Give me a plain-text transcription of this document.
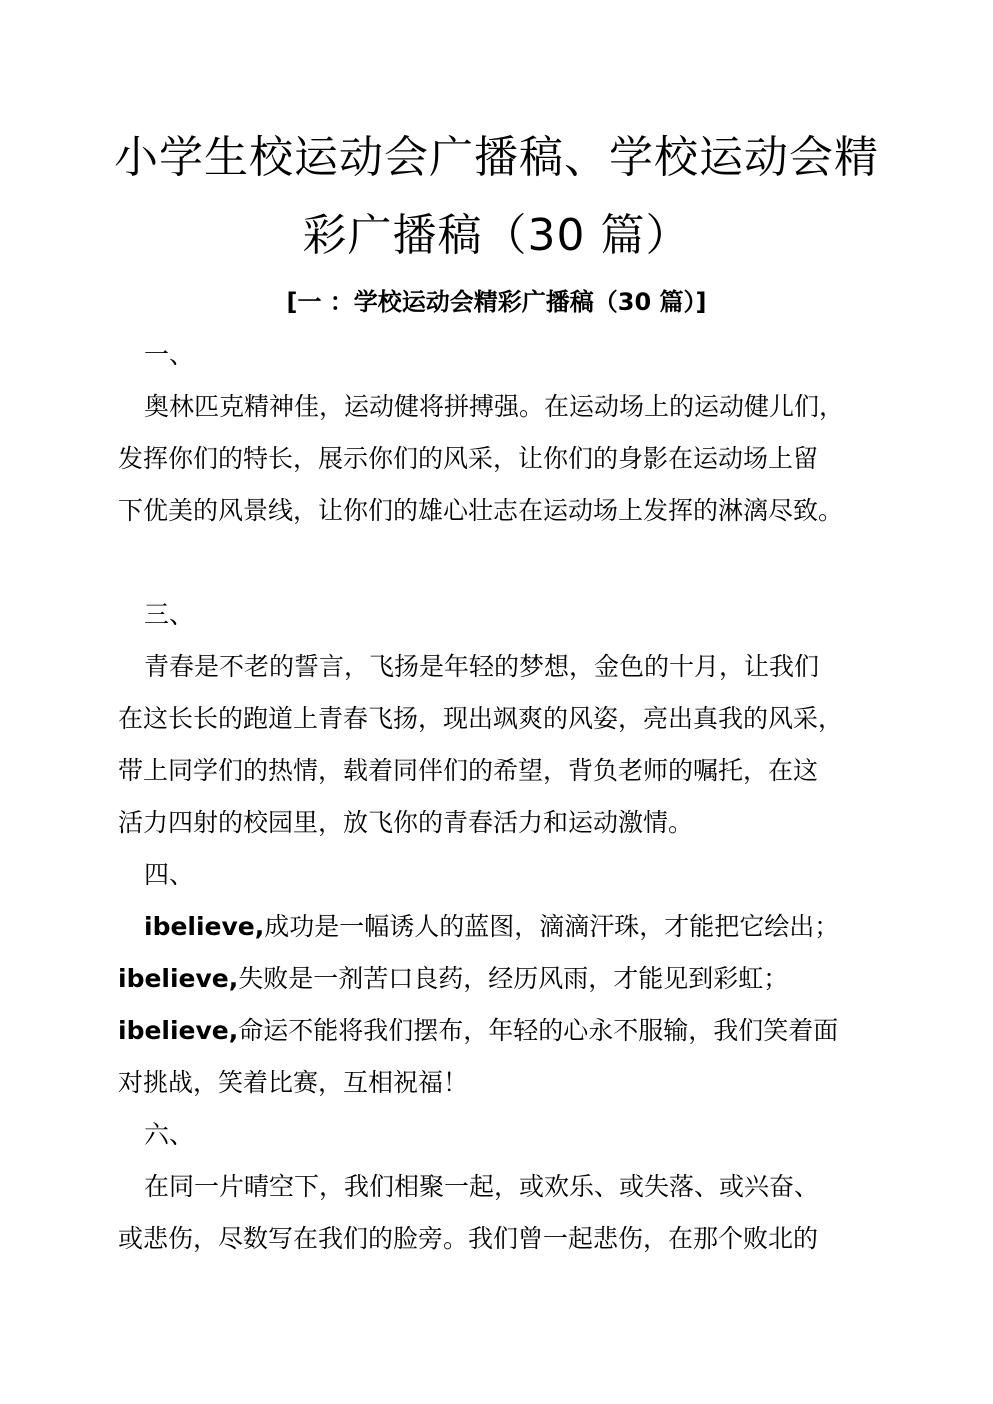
小学生校运动会广播稿、学校运动会精
彩广播稿（30 篇）
[一 ：学校运动会精彩广播稿（30 篇）]
一、
奥林匹克精神佳，运动健将拼搏强。在运动场上的运动健儿们，
发挥你们的特长，展示你们的风采，让你们的身影在运动场上留
下优美的风景线，让你们的雄心壮志在运动场上发挥的淋漓尽致。
三、
青春是不老的誓言，飞扬是年轻的梦想，金色的十月，让我们
在这长长的跑道上青春飞扬，现出飒爽的风姿，亮出真我的风采，
带上同学们的热情，载着同伴们的希望，背负老师的嘱托，在这
活力四射的校园里，放飞你的青春活力和运动激情。
四、
ibelieve,成功是一幅诱人的蓝图，滴滴汗珠，才能把它绘出；
ibelieve,失败是一剂苦口良药，经历风雨，才能见到彩虹；
ibelieve,命运不能将我们摆布，年轻的心永不服输，我们笑着面
对挑战，笑着比赛，互相祝福！
六、
在同一片晴空下，我们相聚一起，或欢乐、或失落、或兴奋、
或悲伤，尽数写在我们的脸旁。我们曾一起悲伤，在那个败北的
